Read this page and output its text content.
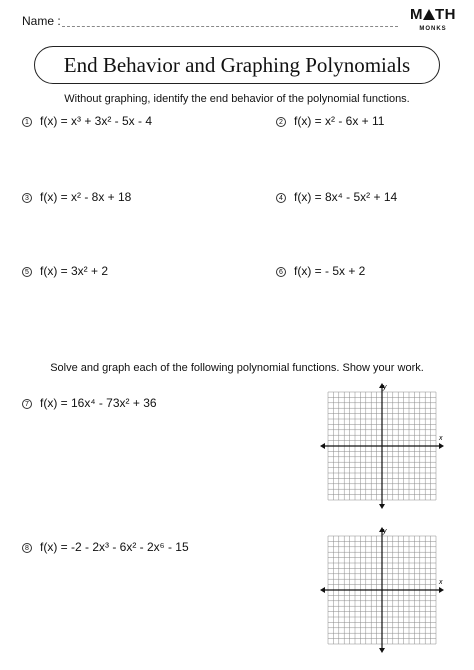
Name :	M TH
MONKS
End Behavior and Graphing Polynomials
Without graphing, identify the end behavior of the polynomial functions.
1 f(x) = x³ + 3x² - 5x - 4	2 f(x) = x² - 6x + 11
3 f(x) = x² - 8x + 18	4 f(x) = 8x⁴ - 5x² + 14
5 f(x) = 3x² + 2	6 f(x) = - 5x + 2
Solve and graph each of the following polynomial functions. Show your work.
7 f(x) = 16x⁴ - 73x² + 36
8 f(x) = -2 - 2x³ - 6x² - 2x⁶ - 15
x
y
x
y
